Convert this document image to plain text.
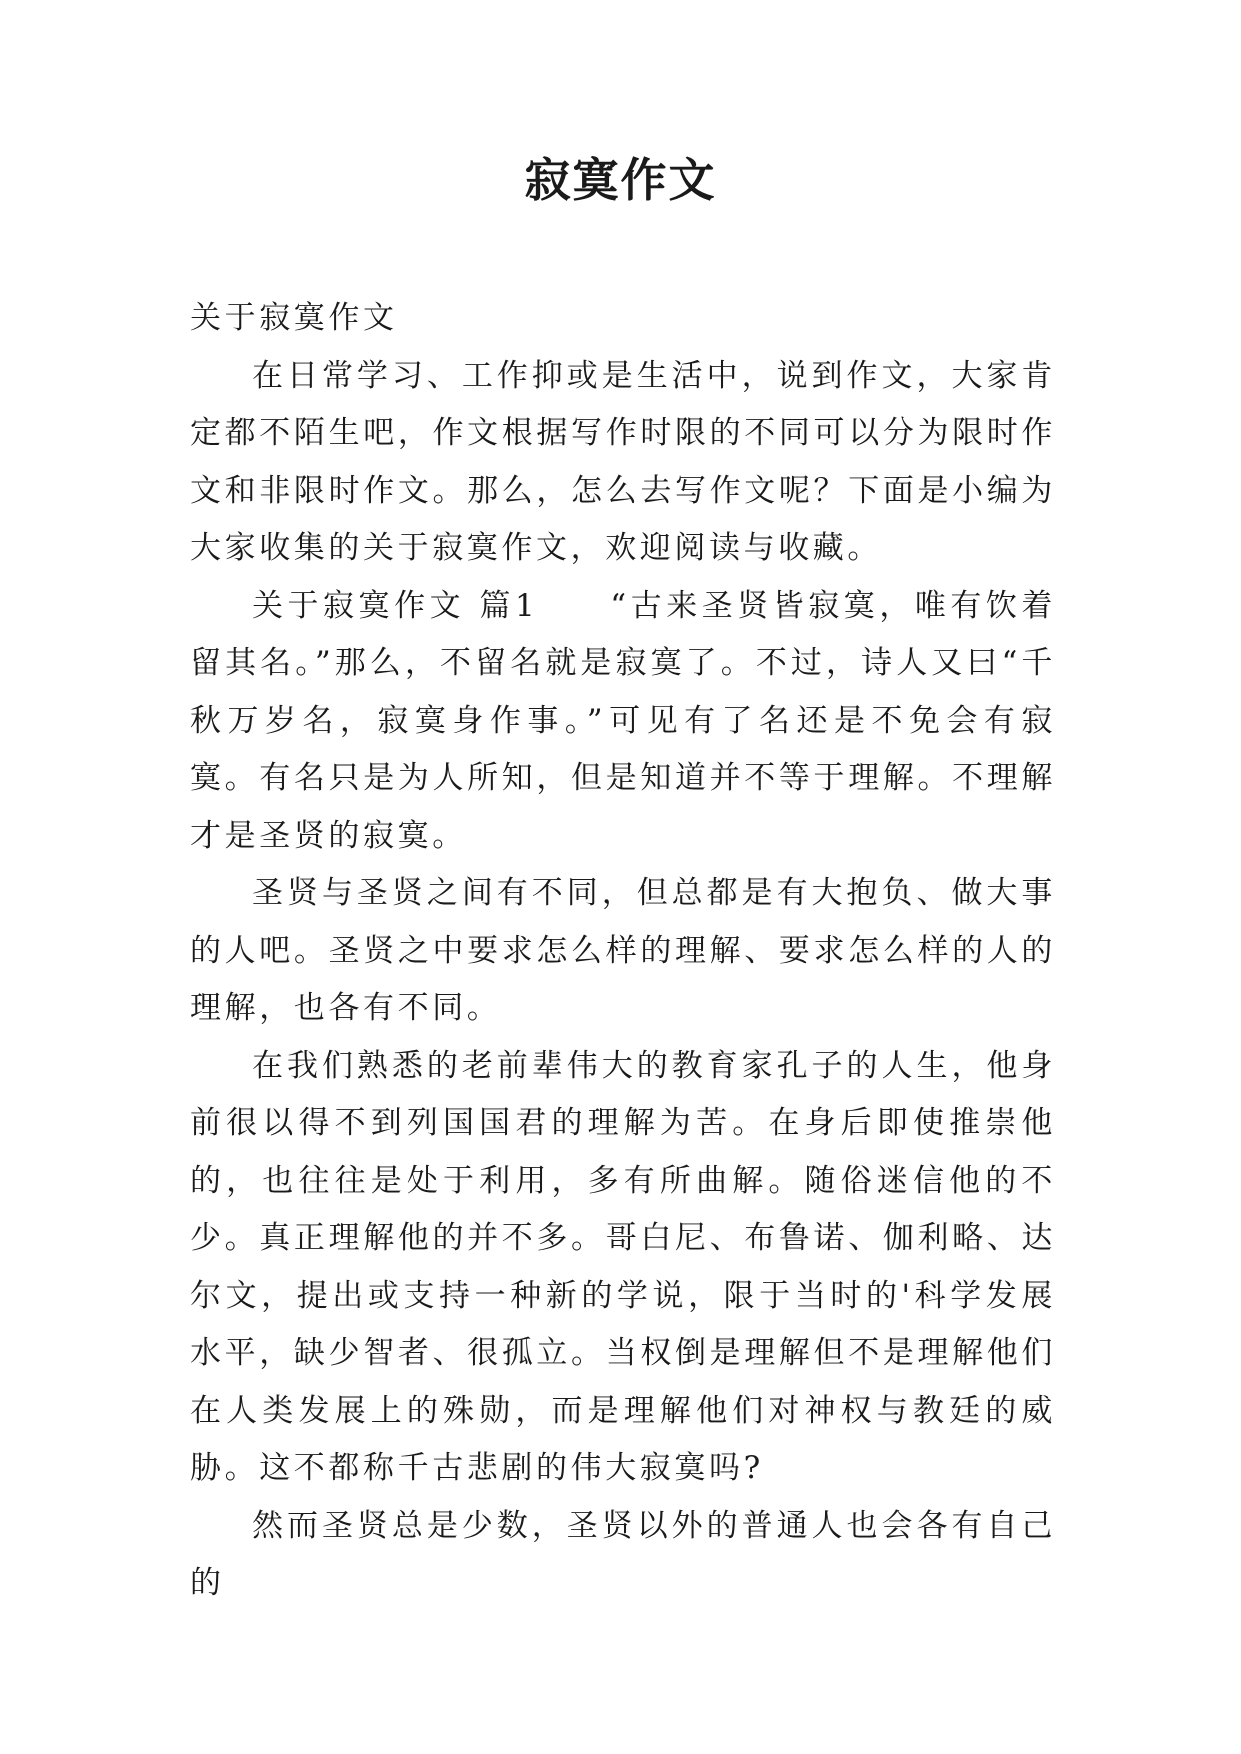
寂寞作文

关于寂寞作文

在日常学习、工作抑或是生活中，说到作文，大家肯定都不陌生吧，作文根据写作时限的不同可以分为限时作文和非限时作文。那么，怎么去写作文呢？下面是小编为大家收集的关于寂寞作文，欢迎阅读与收藏。

关于寂寞作文 篇1　　“古来圣贤皆寂寞，唯有饮着留其名。”那么，不留名就是寂寞了。不过，诗人又曰“千秋万岁名，寂寞身作事。”可见有了名还是不免会有寂寞。有名只是为人所知，但是知道并不等于理解。不理解才是圣贤的寂寞。

圣贤与圣贤之间有不同，但总都是有大抱负、做大事的人吧。圣贤之中要求怎么样的理解、要求怎么样的人的理解，也各有不同。

在我们熟悉的老前辈伟大的教育家孔子的人生，他身前很以得不到列国国君的理解为苦。在身后即使推崇他的，也往往是处于利用，多有所曲解。随俗迷信他的不少。真正理解他的并不多。哥白尼、布鲁诺、伽利略、达尔文，提出或支持一种新的学说，限于当时的'科学发展水平，缺少智者、很孤立。当权倒是理解但不是理解他们在人类发展上的殊勋，而是理解他们对神权与教廷的威胁。这不都称千古悲剧的伟大寂寞吗?

然而圣贤总是少数，圣贤以外的普通人也会各有自己的
